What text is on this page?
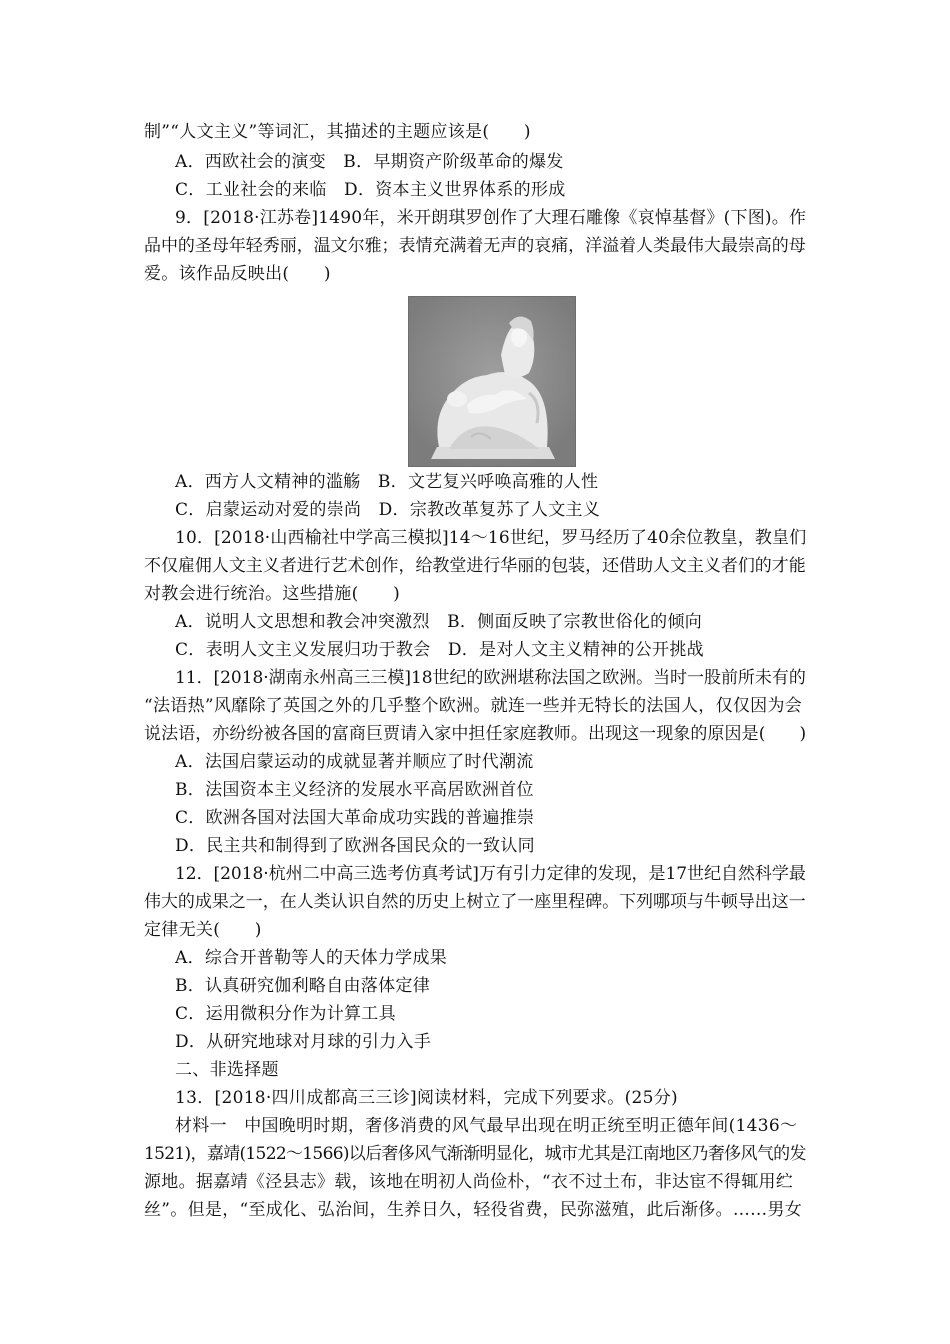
制”“人文主义”等词汇，其描述的主题应该是(　　)
A．西欧社会的演变　 B．早期资产阶级革命的爆发
C．工业社会的来临　 D．资本主义世界体系的形成
9．[2018·江苏卷]1490年，米开朗琪罗创作了大理石雕像《哀悼基督》(下图)。作
品中的圣母年轻秀丽，温文尔雅；表情充满着无声的哀痛，洋溢着人类最伟大最崇高的母
爱。该作品反映出(　　)
A．西方人文精神的滥觞　 B．文艺复兴呼唤高雅的人性
C．启蒙运动对爱的崇尚　 D．宗教改革复苏了人文主义
10．[2018·山西榆社中学高三模拟]14～16世纪，罗马经历了40余位教皇，教皇们
不仅雇佣人文主义者进行艺术创作，给教堂进行华丽的包装，还借助人文主义者们的才能
对教会进行统治。这些措施(　　)
A．说明人文思想和教会冲突激烈　 B．侧面反映了宗教世俗化的倾向
C．表明人文主义发展归功于教会　 D．是对人文主义精神的公开挑战
11．[2018·湖南永州高三三模]18世纪的欧洲堪称法国之欧洲。当时一股前所未有的
“法语热”风靡除了英国之外的几乎整个欧洲。就连一些并无特长的法国人，仅仅因为会
说法语，亦纷纷被各国的富商巨贾请入家中担任家庭教师。出现这一现象的原因是(　　)
A．法国启蒙运动的成就显著并顺应了时代潮流
B．法国资本主义经济的发展水平高居欧洲首位
C．欧洲各国对法国大革命成功实践的普遍推崇
D．民主共和制得到了欧洲各国民众的一致认同
12．[2018·杭州二中高三选考仿真考试]万有引力定律的发现，是17世纪自然科学最
伟大的成果之一，在人类认识自然的历史上树立了一座里程碑。下列哪项与牛顿导出这一
定律无关(　　)
A．综合开普勒等人的天体力学成果
B．认真研究伽利略自由落体定律
C．运用微积分作为计算工具
D．从研究地球对月球的引力入手
二、非选择题
13．[2018·四川成都高三三诊]阅读材料，完成下列要求。(25分)
材料一　中国晚明时期，奢侈消费的风气最早出现在明正统至明正德年间(1436～
1521)，嘉靖(1522～1566)以后奢侈风气渐渐明显化，城市尤其是江南地区乃奢侈风气的发
源地。据嘉靖《泾县志》载，该地在明初人尚俭朴，“衣不过土布，非达宦不得辄用纻
丝”。但是，“至成化、弘治间，生养日久，轻役省费，民弥滋殖，此后渐侈。……男女
